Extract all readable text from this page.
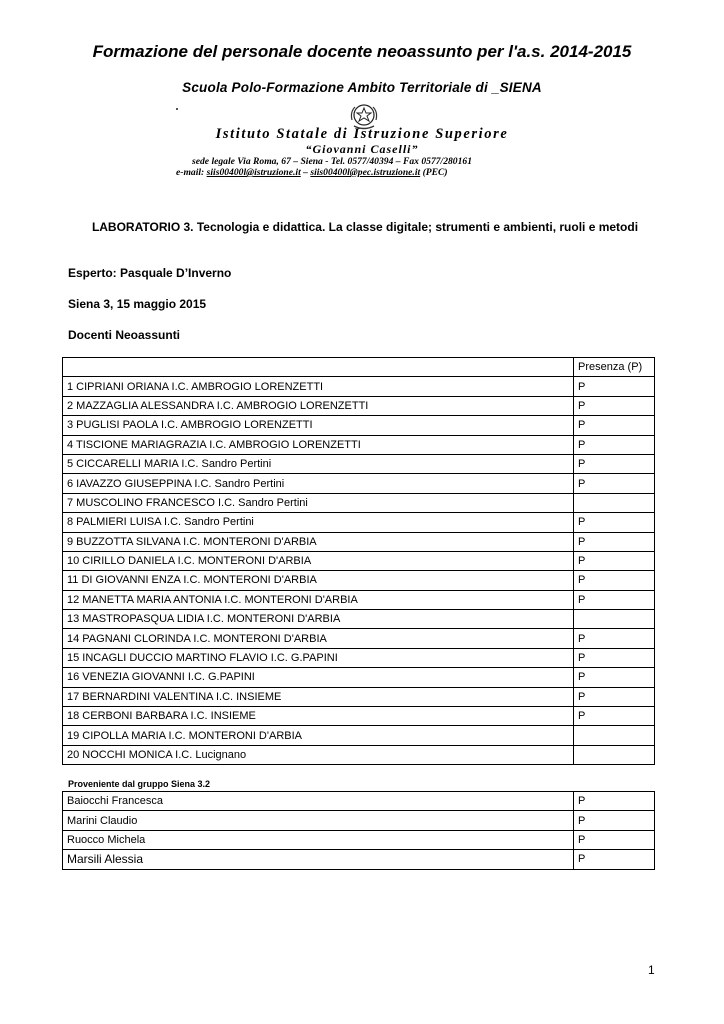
Formazione del personale docente neoassunto per l'a.s. 2014-2015
Scuola Polo-Formazione Ambito Territoriale di _SIENA
Istituto Statale di Istruzione Superiore
“Giovanni Caselli”
sede legale Via Roma, 67 – Siena - Tel. 0577/40394 – Fax 0577/280161
e-mail: siis00400l@istruzione.it – siis00400l@pec.istruzione.it (PEC)
LABORATORIO 3. Tecnologia e didattica. La classe digitale; strumenti e ambienti, ruoli e metodi
Esperto: Pasquale D’Inverno
Siena 3, 15 maggio 2015
Docenti Neoassunti
	Presenza (P)
1 CIPRIANI ORIANA I.C. AMBROGIO LORENZETTI	P
2 MAZZAGLIA ALESSANDRA I.C. AMBROGIO LORENZETTI	P
3 PUGLISI PAOLA I.C. AMBROGIO LORENZETTI	P
4 TISCIONE MARIAGRAZIA I.C. AMBROGIO LORENZETTI	P
5 CICCARELLI MARIA I.C. Sandro Pertini	P
6 IAVAZZO GIUSEPPINA I.C. Sandro Pertini	P
7 MUSCOLINO FRANCESCO I.C. Sandro Pertini	
8 PALMIERI LUISA I.C. Sandro Pertini	P
9 BUZZOTTA SILVANA I.C. MONTERONI D'ARBIA	P
10 CIRILLO DANIELA I.C. MONTERONI D'ARBIA	P
11 DI GIOVANNI ENZA I.C. MONTERONI D'ARBIA	P
12 MANETTA MARIA ANTONIA I.C. MONTERONI D'ARBIA	P
13 MASTROPASQUA LIDIA I.C. MONTERONI D'ARBIA	
14 PAGNANI CLORINDA I.C. MONTERONI D'ARBIA	P
15 INCAGLI DUCCIO MARTINO FLAVIO I.C. G.PAPINI	P
16 VENEZIA GIOVANNI I.C. G.PAPINI	P
17 BERNARDINI VALENTINA I.C. INSIEME	P
18 CERBONI BARBARA I.C. INSIEME	P
19 CIPOLLA MARIA I.C. MONTERONI D'ARBIA	
20 NOCCHI MONICA I.C. Lucignano	
Proveniente dal gruppo Siena 3.2
Baiocchi Francesca	P
Marini Claudio	P
Ruocco Michela	P
Marsili Alessia	P
1
